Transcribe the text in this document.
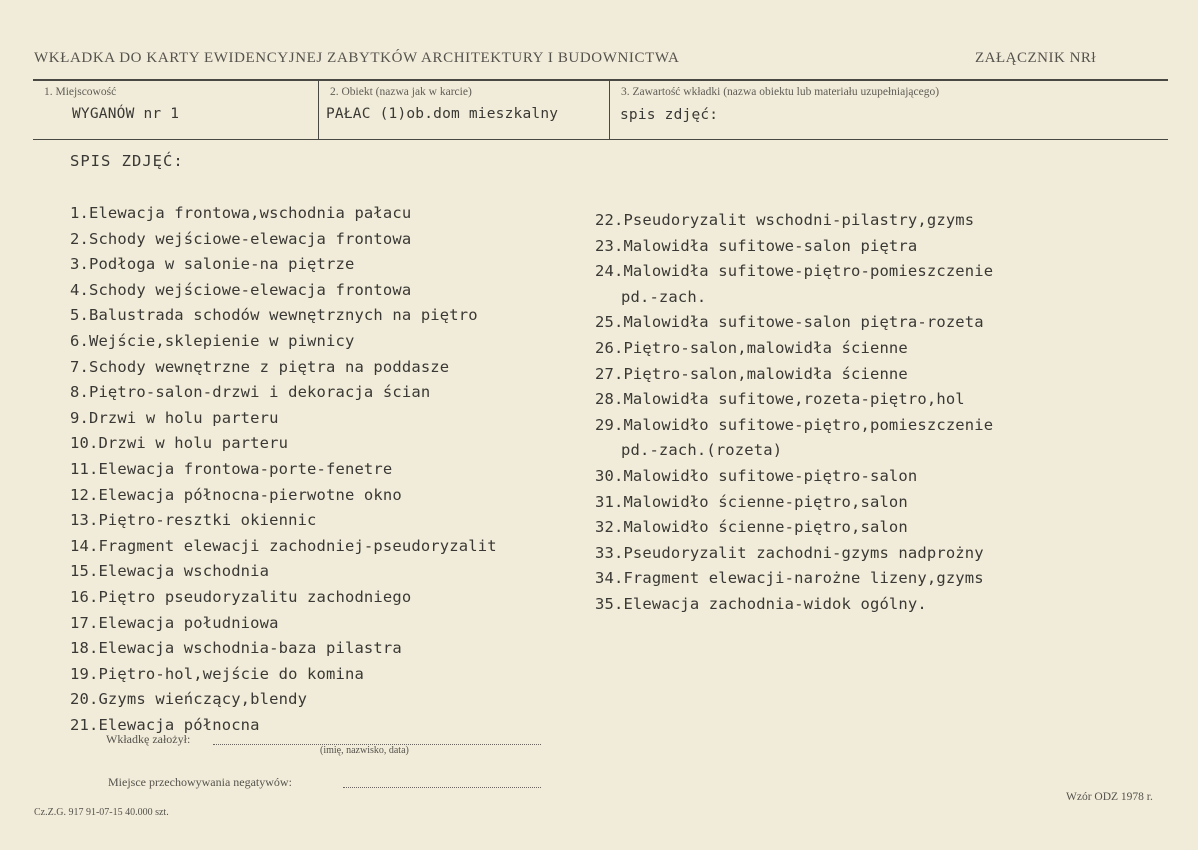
WKŁADKA DO KARTY EWIDENCYJNEJ ZABYTKÓW ARCHITEKTURY I BUDOWNICTWA	ZAŁĄCZNIK NRł
1. Miejscowość
WYGANÓW nr 1
2. Obiekt (nazwa jak w karcie)
PAŁAC (1)ob.dom mieszkalny
3. Zawartość wkładki (nazwa obiektu lub materiału uzupełniającego)
spis zdjęć:
SPIS ZDJĘĆ:
1.Elewacja frontowa,wschodnia pałacu
2.Schody wejściowe-elewacja frontowa
3.Podłoga w salonie-na piętrze
4.Schody wejściowe-elewacja frontowa
5.Balustrada schodów wewnętrznych na piętro
6.Wejście,sklepienie w piwnicy
7.Schody wewnętrzne z piętra na poddasze
8.Piętro-salon-drzwi i dekoracja ścian
9.Drzwi w holu parteru
10.Drzwi w holu parteru
11.Elewacja frontowa-porte-fenetre
12.Elewacja północna-pierwotne okno
13.Piętro-resztki okiennic
14.Fragment elewacji zachodniej-pseudoryzalit
15.Elewacja wschodnia
16.Piętro pseudoryzalitu zachodniego
17.Elewacja południowa
18.Elewacja wschodnia-baza pilastra
19.Piętro-hol,wejście do komina
20.Gzyms wieńczący,blendy
21.Elewacja północna
22.Pseudoryzalit wschodni-pilastry,gzyms
23.Malowidła sufitowe-salon piętra
24.Malowidła sufitowe-piętro-pomieszczenie
pd.-zach.
25.Malowidła sufitowe-salon piętra-rozeta
26.Piętro-salon,malowidła ścienne
27.Piętro-salon,malowidła ścienne
28.Malowidła sufitowe,rozeta-piętro,hol
29.Malowidło sufitowe-piętro,pomieszczenie
pd.-zach.(rozeta)
30.Malowidło sufitowe-piętro-salon
31.Malowidło ścienne-piętro,salon
32.Malowidło ścienne-piętro,salon
33.Pseudoryzalit zachodni-gzyms nadprożny
34.Fragment elewacji-narożne lizeny,gzyms
35.Elewacja zachodnia-widok ogólny.
Wkładkę założył:
(imię, nazwisko, data)
Miejsce przechowywania negatywów:
Cz.Z.G. 917 91-07-15 40.000 szt.
Wzór ODZ 1978 r.
